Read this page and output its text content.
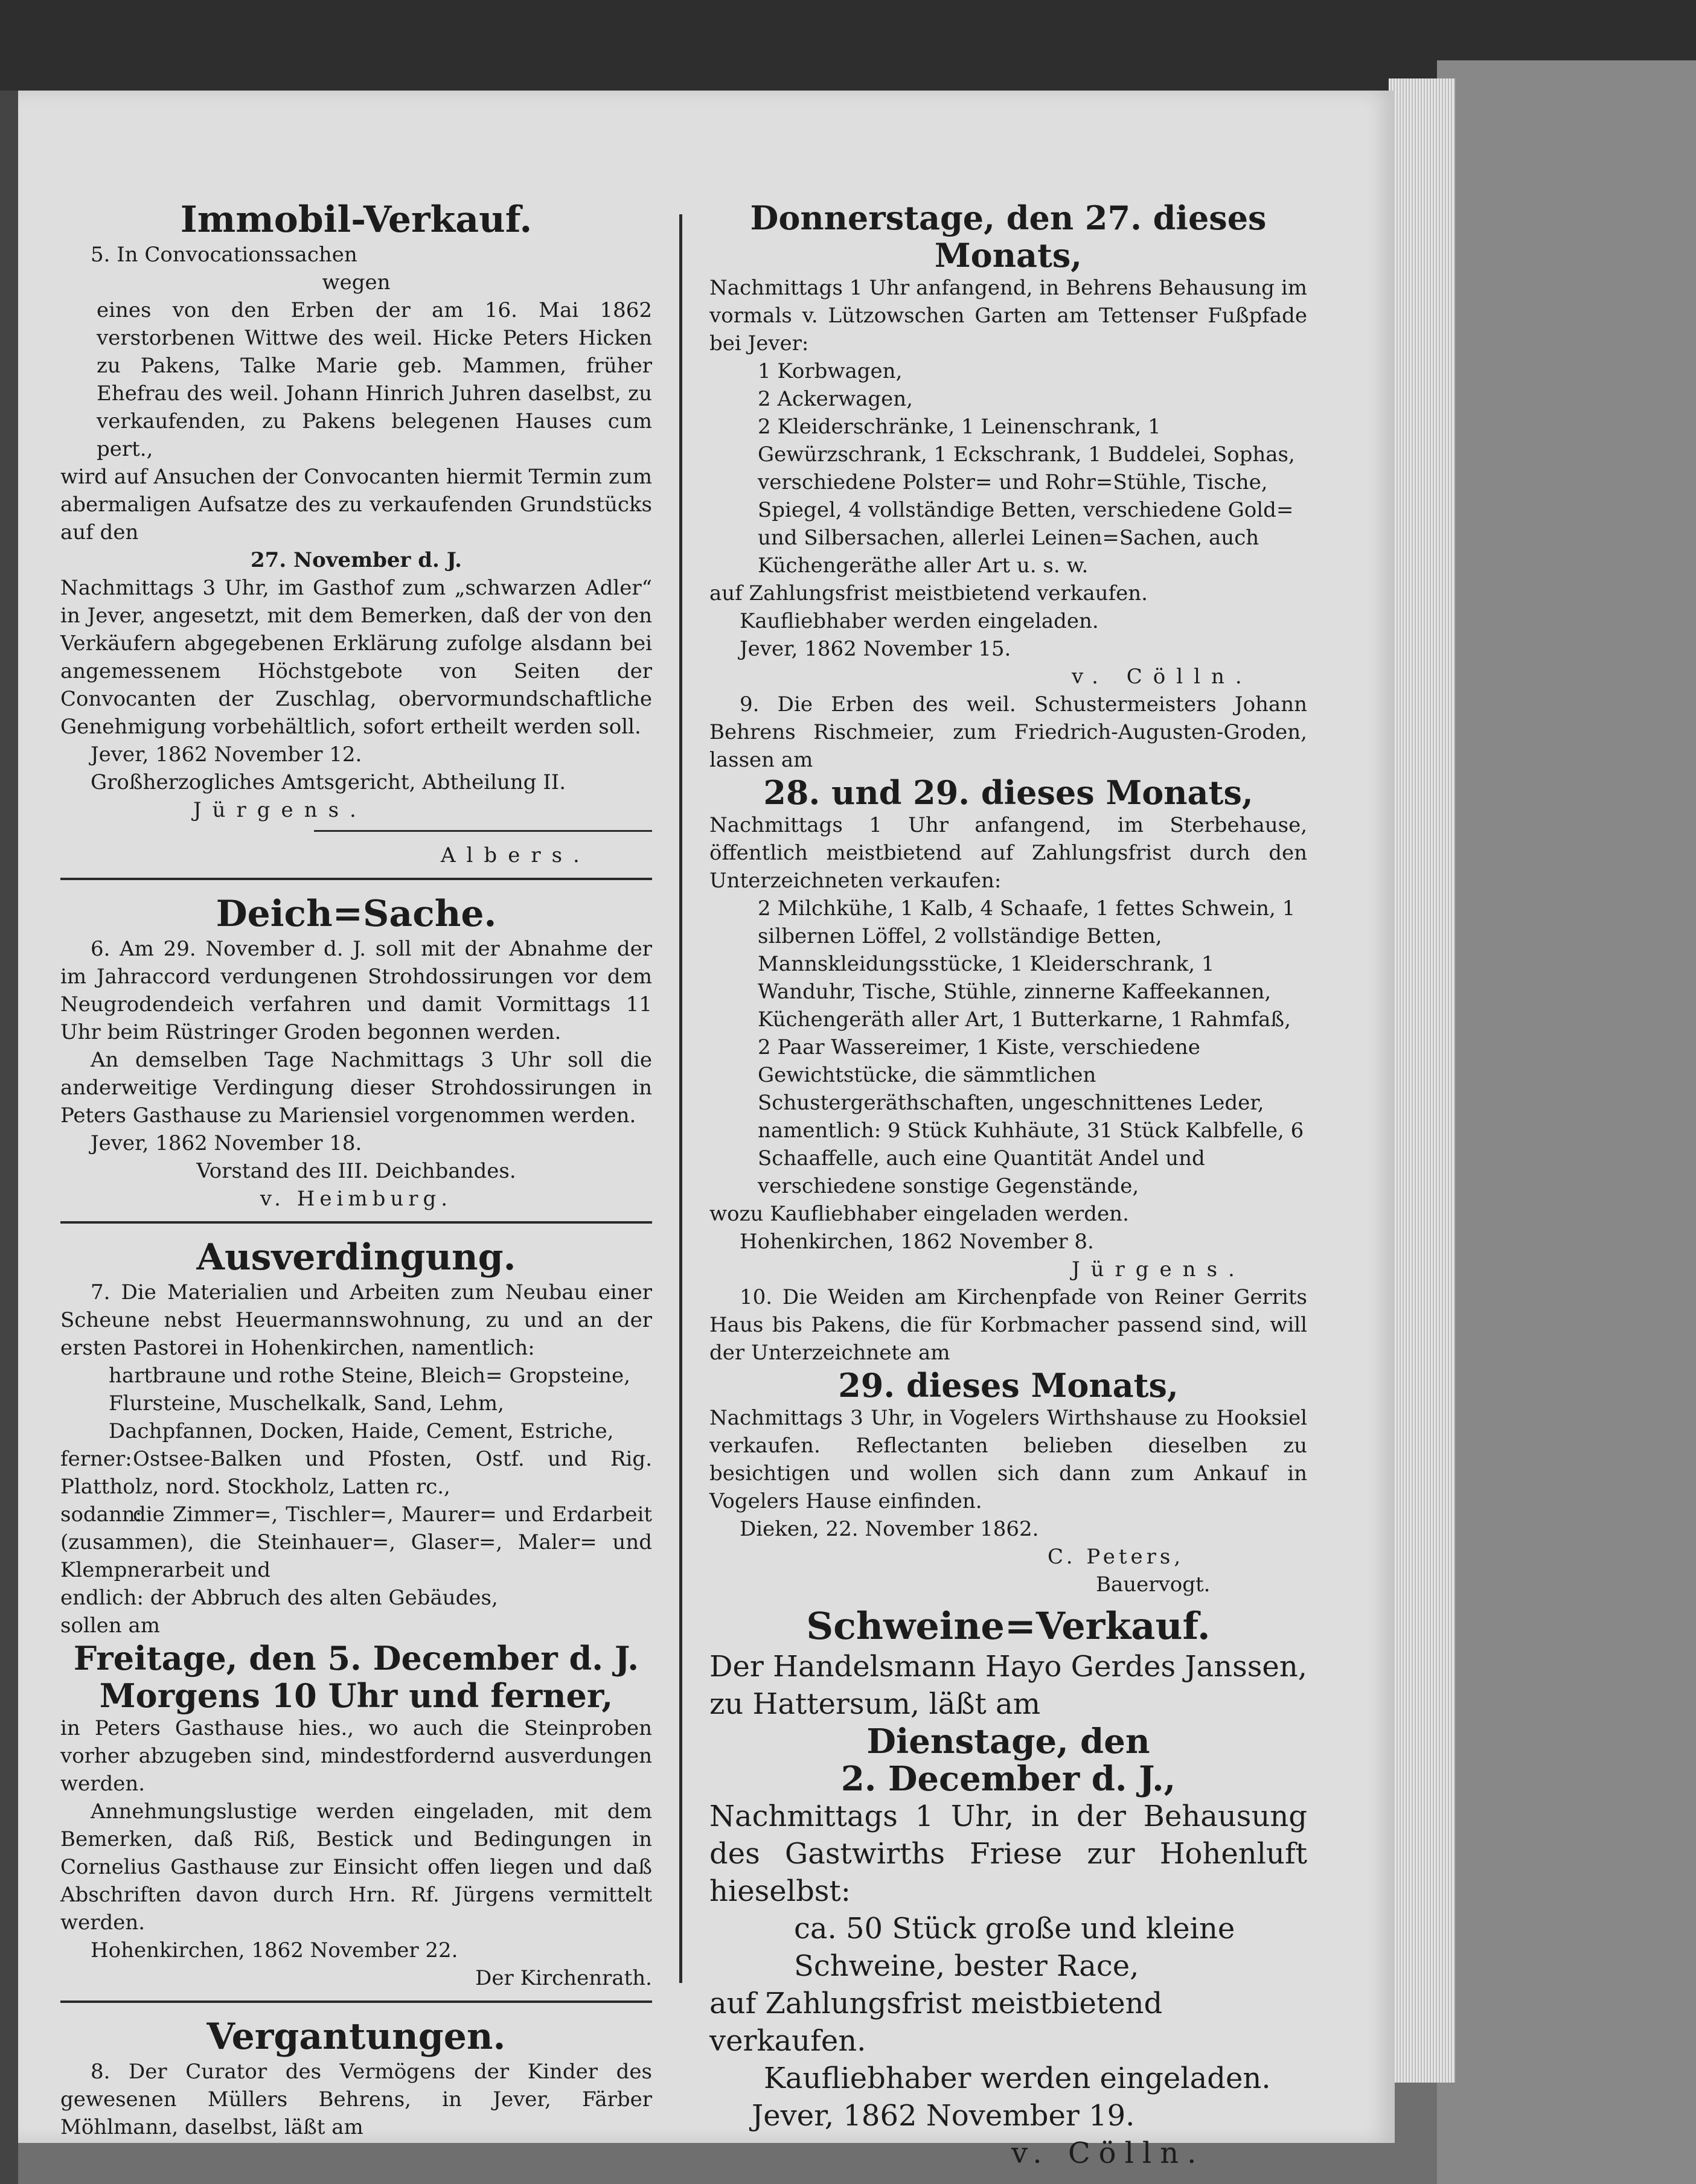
Immobil-Verkauf.

5. In Convocationssachen

wegen

eines von den Erben der am 16. Mai 1862 verstorbenen Wittwe des weil. Hicke Peters Hicken zu Pakens, Talke Marie geb. Mammen, früher Ehefrau des weil. Johann Hinrich Juhren daselbst, zu verkaufenden, zu Pakens belegenen Hauses cum pert.,

wird auf Ansuchen der Convocanten hiermit Termin zum abermaligen Aufsatze des zu verkaufenden Grundstücks auf den

27. November d. J.

Nachmittags 3 Uhr, im Gasthof zum „schwarzen Adler“ in Jever, angesetzt, mit dem Bemerken, daß der von den Verkäufern abgegebenen Erklärung zufolge alsdann bei angemessenem Höchstgebote von Seiten der Convocanten der Zuschlag, obervormundschaftliche Genehmigung vorbehältlich, sofort ertheilt werden soll.

Jever, 1862 November 12.

Großherzogliches Amtsgericht, Abtheilung II.

Jürgens.

Albers.

Deich=Sache.

6. Am 29. November d. J. soll mit der Abnahme der im Jahraccord verdungenen Strohdossirungen vor dem Neugrodendeich verfahren und damit Vormittags 11 Uhr beim Rüstringer Groden begonnen werden.

An demselben Tage Nachmittags 3 Uhr soll die anderweitige Verdingung dieser Strohdossirungen in Peters Gasthause zu Mariensiel vorgenommen werden.

Jever, 1862 November 18.

Vorstand des III. Deichbandes.

v. Heimburg.

Ausverdingung.

7. Die Materialien und Arbeiten zum Neubau einer Scheune nebst Heuermannswohnung, zu und an der ersten Pastorei in Hohenkirchen, namentlich:

hartbraune und rothe Steine, Bleich= Gropsteine, Flursteine, Muschelkalk, Sand, Lehm, Dachpfannen, Docken, Haide, Cement, Estriche,

ferner:Ostsee-Balken und Pfosten, Ostf. und Rig. Plattholz, nord. Stockholz, Latten rc.,

sodann:die Zimmer=, Tischler=, Maurer= und Erdarbeit (zusammen), die Steinhauer=, Glaser=, Maler= und Klempnerarbeit und

endlich: der Abbruch des alten Gebäudes,

sollen am

Freitage, den 5. December d. J.

Morgens 10 Uhr und ferner,

in Peters Gasthause hies., wo auch die Steinproben vorher abzugeben sind, mindestfordernd ausverdungen werden.

Annehmungslustige werden eingeladen, mit dem Bemerken, daß Riß, Bestick und Bedingungen in Cornelius Gasthause zur Einsicht offen liegen und daß Abschriften davon durch Hrn. Rf. Jürgens vermittelt werden.

Hohenkirchen, 1862 November 22.

Der Kirchenrath.

Vergantungen.

8. Der Curator des Vermögens der Kinder des gewesenen Müllers Behrens, in Jever, Färber Möhlmann, daselbst, läßt am

Donnerstage, den 27. dieses Monats,

Nachmittags 1 Uhr anfangend, in Behrens Behausung im vormals v. Lützowschen Garten am Tettenser Fußpfade bei Jever:

1 Korbwagen,

2 Ackerwagen,

2 Kleiderschränke, 1 Leinenschrank, 1 Gewürzschrank, 1 Eckschrank, 1 Buddelei, Sophas, verschiedene Polster= und Rohr=Stühle, Tische, Spiegel, 4 vollständige Betten, verschiedene Gold= und Silbersachen, allerlei Leinen=Sachen, auch Küchengeräthe aller Art u. s. w.

auf Zahlungsfrist meistbietend verkaufen.

Kaufliebhaber werden eingeladen.

Jever, 1862 November 15.

v. Cölln.

9. Die Erben des weil. Schustermeisters Johann Behrens Rischmeier, zum Friedrich-Augusten-Groden, lassen am

28. und 29. dieses Monats,

Nachmittags 1 Uhr anfangend, im Sterbehause, öffentlich meistbietend auf Zahlungsfrist durch den Unterzeichneten verkaufen:

2 Milchkühe, 1 Kalb, 4 Schaafe, 1 fettes Schwein, 1 silbernen Löffel, 2 vollständige Betten, Mannskleidungsstücke, 1 Kleiderschrank, 1 Wanduhr, Tische, Stühle, zinnerne Kaffeekannen, Küchengeräth aller Art, 1 Butterkarne, 1 Rahmfaß, 2 Paar Wassereimer, 1 Kiste, verschiedene Gewichtstücke, die sämmtlichen Schustergeräthschaften, ungeschnittenes Leder, namentlich: 9 Stück Kuhhäute, 31 Stück Kalbfelle, 6 Schaaffelle, auch eine Quantität Andel und verschiedene sonstige Gegenstände,

wozu Kaufliebhaber eingeladen werden.

Hohenkirchen, 1862 November 8.

Jürgens.

10. Die Weiden am Kirchenpfade von Reiner Gerrits Haus bis Pakens, die für Korbmacher passend sind, will der Unterzeichnete am

29. dieses Monats,

Nachmittags 3 Uhr, in Vogelers Wirthshause zu Hooksiel verkaufen. Reflectanten belieben dieselben zu besichtigen und wollen sich dann zum Ankauf in Vogelers Hause einfinden.

Dieken, 22. November 1862.

C. Peters,

Bauervogt.

Schweine=Verkauf.

Der Handelsmann Hayo Gerdes Janssen, zu Hattersum, läßt am

Dienstage, den

2. December d. J.,

Nachmittags 1 Uhr, in der Behausung des Gastwirths Friese zur Hohenluft hieselbst:

ca. 50 Stück große und kleine Schweine, bester Race,

auf Zahlungsfrist meistbietend verkaufen.

Kaufliebhaber werden eingeladen.

Jever, 1862 November 19.

v. Cölln.
